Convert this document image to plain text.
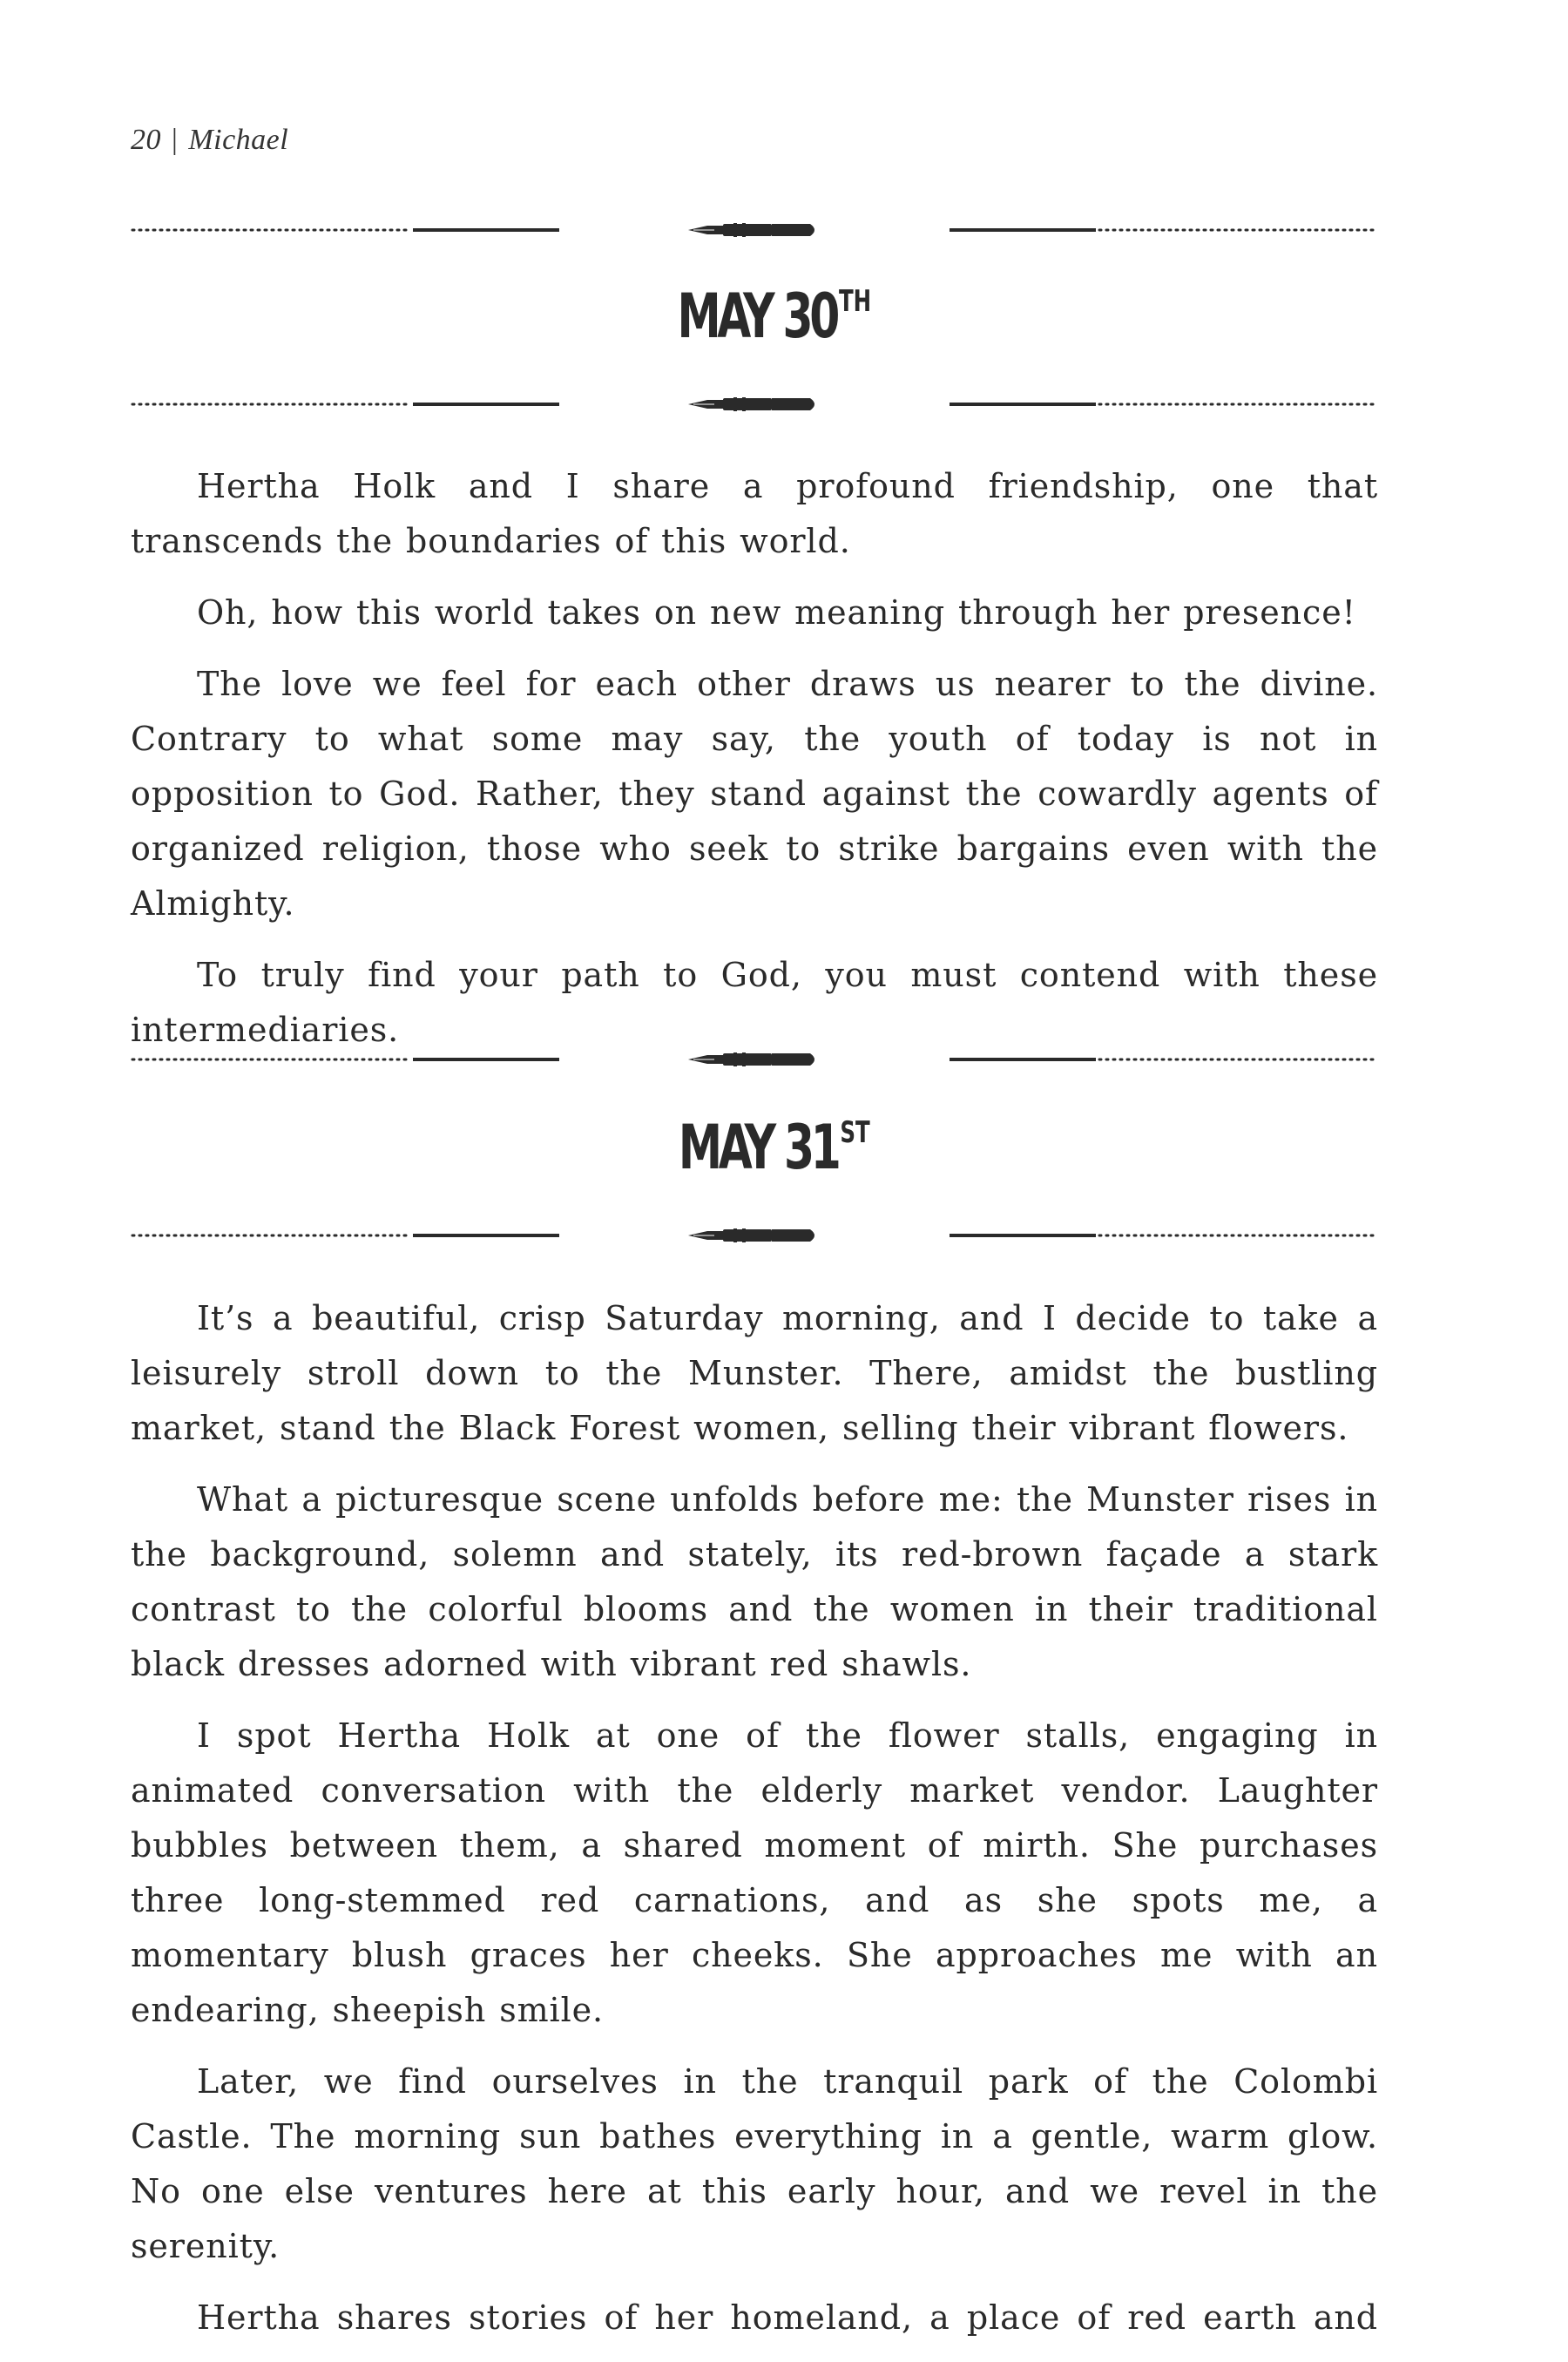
20 | Michael
MAY 30TH

Hertha Holk and I share a profound friendship, one that transcends the boundaries of this world.

Oh, how this world takes on new meaning through her presence!

The love we feel for each other draws us nearer to the divine. Contrary to what some may say, the youth of today is not in opposition to God. Rather, they stand against the cowardly agents of organized religion, those who seek to strike bargains even with the Almighty.

To truly find your path to God, you must contend with these intermediaries.

MAY 31ST

It’s a beautiful, crisp Saturday morning, and I decide to take a leisurely stroll down to the Munster. There, amidst the bustling market, stand the Black Forest women, selling their vibrant flowers.

What a picturesque scene unfolds before me: the Munster rises in the background, solemn and stately, its red-brown façade a stark contrast to the colorful blooms and the women in their traditional black dresses adorned with vibrant red shawls.

I spot Hertha Holk at one of the flower stalls, engaging in animated conversation with the elderly market vendor. Laughter bubbles between them, a shared moment of mirth. She purchases three long-stemmed red carnations, and as she spots me, a momentary blush graces her cheeks. She approaches me with an endearing, sheepish smile.

Later, we find ourselves in the tranquil park of the Colombi Castle. The morning sun bathes everything in a gentle, warm glow. No one else ventures here at this early hour, and we revel in the serenity.

Hertha shares stories of her homeland, a place of red earth and
